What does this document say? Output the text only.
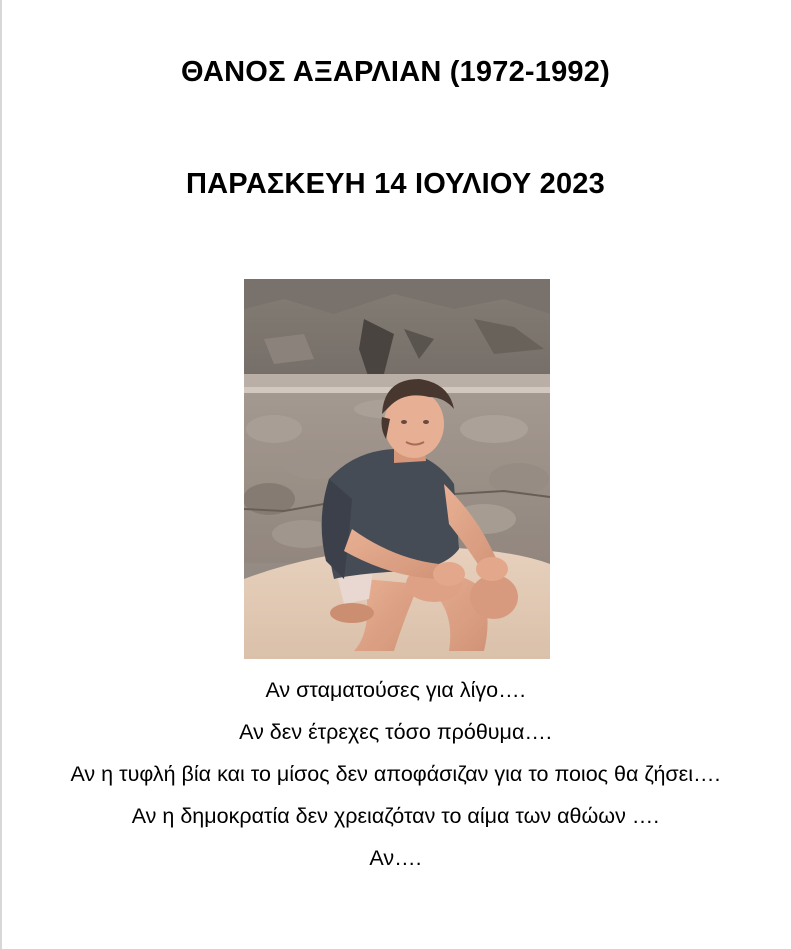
ΘΑΝΟΣ ΑΞΑΡΛΙΑΝ (1972-1992)
ΠΑΡΑΣΚΕΥΗ 14 ΙΟΥΛΙΟΥ 2023

Αν σταματούσες για λίγο….

Αν δεν έτρεχες τόσο πρόθυμα….

Αν η τυφλή βία και το μίσος δεν αποφάσιζαν για το ποιος θα ζήσει….

Αν η δημοκρατία δεν χρειαζόταν το αίμα των αθώων ….

Αν….
